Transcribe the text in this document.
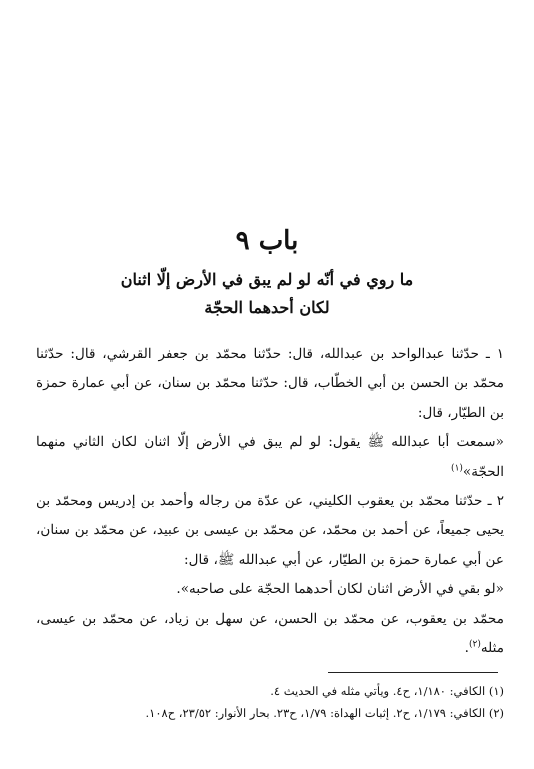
باب ٩
ما روي في أنّه لو لم يبق في الأرض إلّا اثنان
لكان أحدهما الحجّة

١ ـ حدّثنا عبدالواحد بن عبدالله، قال: حدّثنا محمّد بن جعفر القرشي، قال: حدّثنا محمّد بن الحسن بن أبي الخطّاب، قال: حدّثنا محمّد بن سنان، عن أبي عمارة حمزة بن الطيّار، قال:

«سمعت أبا عبدالله ﷺ يقول: لو لم يبق في الأرض إلّا اثنان لكان الثاني منهما الحجّة»$^{(١)}$

٢ ـ حدّثنا محمّد بن يعقوب الكليني، عن عدّة من رجاله وأحمد بن إدريس ومحمّد بن يحيى جميعاً، عن أحمد بن محمّد، عن محمّد بن عيسى بن عبيد، عن محمّد بن سنان، عن أبي عمارة حمزة بن الطيّار، عن أبي عبدالله ﷺ، قال:

«لو بقي في الأرض اثنان لكان أحدهما الحجّة على صاحبه».

محمّد بن يعقوب، عن محمّد بن الحسن، عن سهل بن زياد، عن محمّد بن عيسى، مثله$^{(٢)}$.

(١) الكافي: ١/١٨٠، ح٤. ويأتي مثله في الحديث ٤.

(٢) الكافي: ١/١٧٩، ح٢. إثبات الهداة: ١/٧٩، ح٢٣. بحار الأنوار: ٢٣/٥٢، ح١٠٨.
